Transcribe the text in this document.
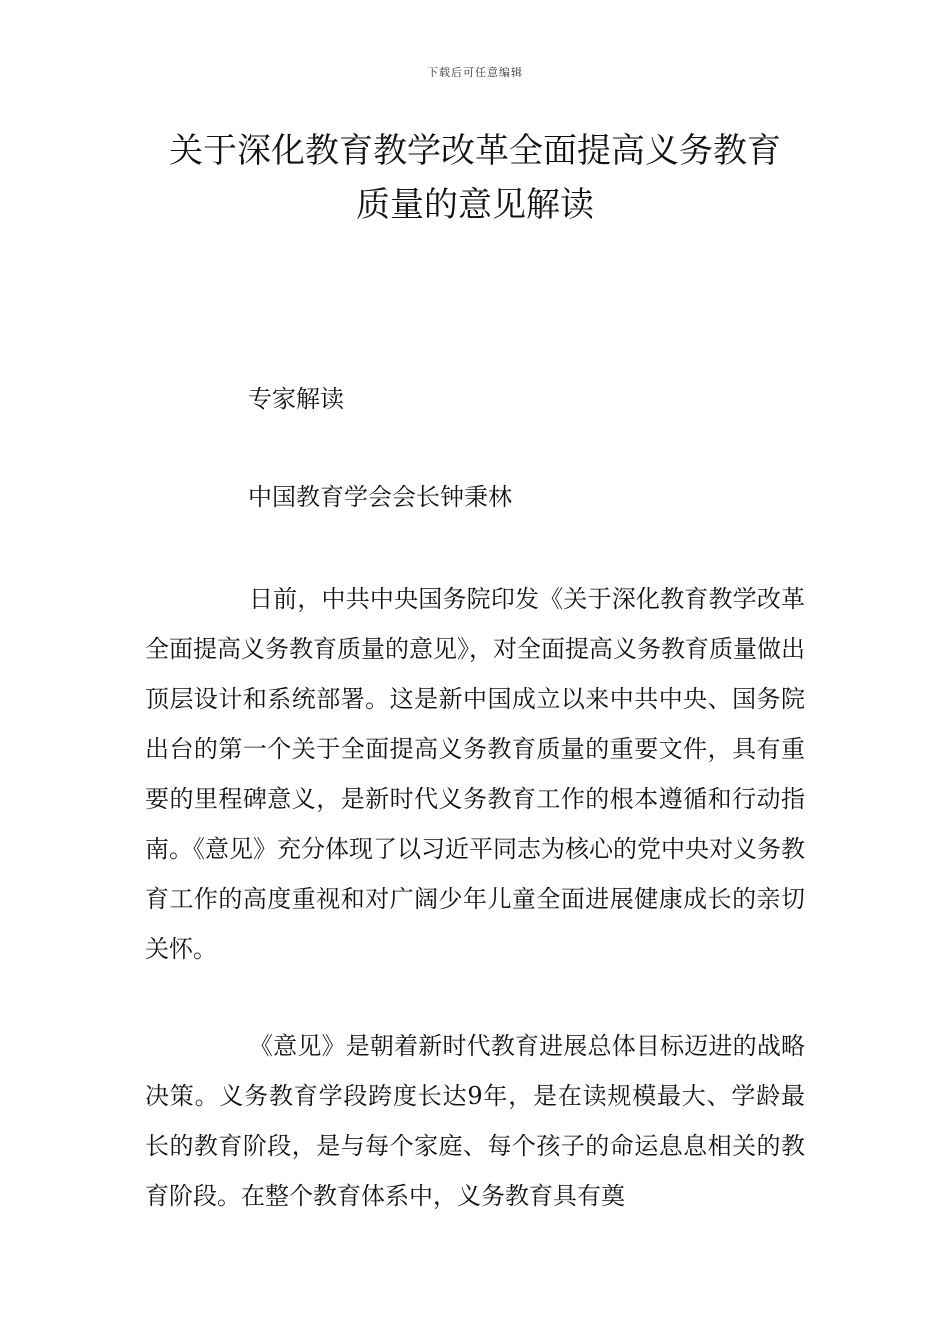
下载后可任意编辑
关于深化教育教学改革全面提高义务教育
质量的意见解读
专家解读
中国教育学会会长钟秉林

日前，中共中央国务院印发《关于深化教育教学改革全面提高义务教育质量的意见》，对全面提高义务教育质量做出顶层设计和系统部署。这是新中国成立以来中共中央、国务院出台的第一个关于全面提高义务教育质量的重要文件，具有重要的里程碑意义，是新时代义务教育工作的根本遵循和行动指南。《意见》充分体现了以习近平同志为核心的党中央对义务教育工作的高度重视和对广阔少年儿童全面进展健康成长的亲切关怀。

《意见》是朝着新时代教育进展总体目标迈进的战略决策。义务教育学段跨度长达9年，是在读规模最大、学龄最长的教育阶段，是与每个家庭、每个孩子的命运息息相关的教育阶段。在整个教育体系中，义务教育具有奠
